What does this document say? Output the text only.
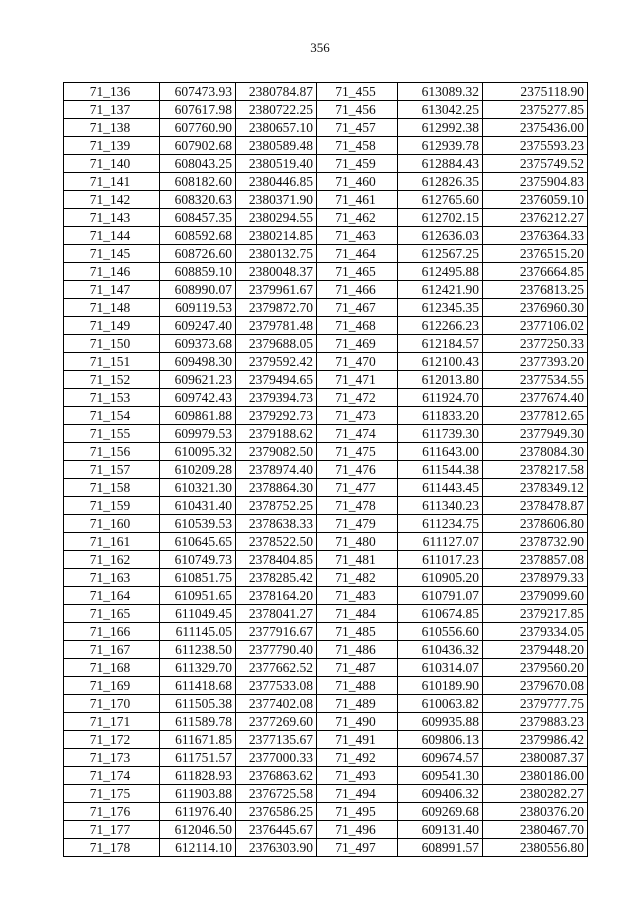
356
71_136	607473.93	2380784.87	71_455	613089.32	2375118.90
71_137	607617.98	2380722.25	71_456	613042.25	2375277.85
71_138	607760.90	2380657.10	71_457	612992.38	2375436.00
71_139	607902.68	2380589.48	71_458	612939.78	2375593.23
71_140	608043.25	2380519.40	71_459	612884.43	2375749.52
71_141	608182.60	2380446.85	71_460	612826.35	2375904.83
71_142	608320.63	2380371.90	71_461	612765.60	2376059.10
71_143	608457.35	2380294.55	71_462	612702.15	2376212.27
71_144	608592.68	2380214.85	71_463	612636.03	2376364.33
71_145	608726.60	2380132.75	71_464	612567.25	2376515.20
71_146	608859.10	2380048.37	71_465	612495.88	2376664.85
71_147	608990.07	2379961.67	71_466	612421.90	2376813.25
71_148	609119.53	2379872.70	71_467	612345.35	2376960.30
71_149	609247.40	2379781.48	71_468	612266.23	2377106.02
71_150	609373.68	2379688.05	71_469	612184.57	2377250.33
71_151	609498.30	2379592.42	71_470	612100.43	2377393.20
71_152	609621.23	2379494.65	71_471	612013.80	2377534.55
71_153	609742.43	2379394.73	71_472	611924.70	2377674.40
71_154	609861.88	2379292.73	71_473	611833.20	2377812.65
71_155	609979.53	2379188.62	71_474	611739.30	2377949.30
71_156	610095.32	2379082.50	71_475	611643.00	2378084.30
71_157	610209.28	2378974.40	71_476	611544.38	2378217.58
71_158	610321.30	2378864.30	71_477	611443.45	2378349.12
71_159	610431.40	2378752.25	71_478	611340.23	2378478.87
71_160	610539.53	2378638.33	71_479	611234.75	2378606.80
71_161	610645.65	2378522.50	71_480	611127.07	2378732.90
71_162	610749.73	2378404.85	71_481	611017.23	2378857.08
71_163	610851.75	2378285.42	71_482	610905.20	2378979.33
71_164	610951.65	2378164.20	71_483	610791.07	2379099.60
71_165	611049.45	2378041.27	71_484	610674.85	2379217.85
71_166	611145.05	2377916.67	71_485	610556.60	2379334.05
71_167	611238.50	2377790.40	71_486	610436.32	2379448.20
71_168	611329.70	2377662.52	71_487	610314.07	2379560.20
71_169	611418.68	2377533.08	71_488	610189.90	2379670.08
71_170	611505.38	2377402.08	71_489	610063.82	2379777.75
71_171	611589.78	2377269.60	71_490	609935.88	2379883.23
71_172	611671.85	2377135.67	71_491	609806.13	2379986.42
71_173	611751.57	2377000.33	71_492	609674.57	2380087.37
71_174	611828.93	2376863.62	71_493	609541.30	2380186.00
71_175	611903.88	2376725.58	71_494	609406.32	2380282.27
71_176	611976.40	2376586.25	71_495	609269.68	2380376.20
71_177	612046.50	2376445.67	71_496	609131.40	2380467.70
71_178	612114.10	2376303.90	71_497	608991.57	2380556.80
